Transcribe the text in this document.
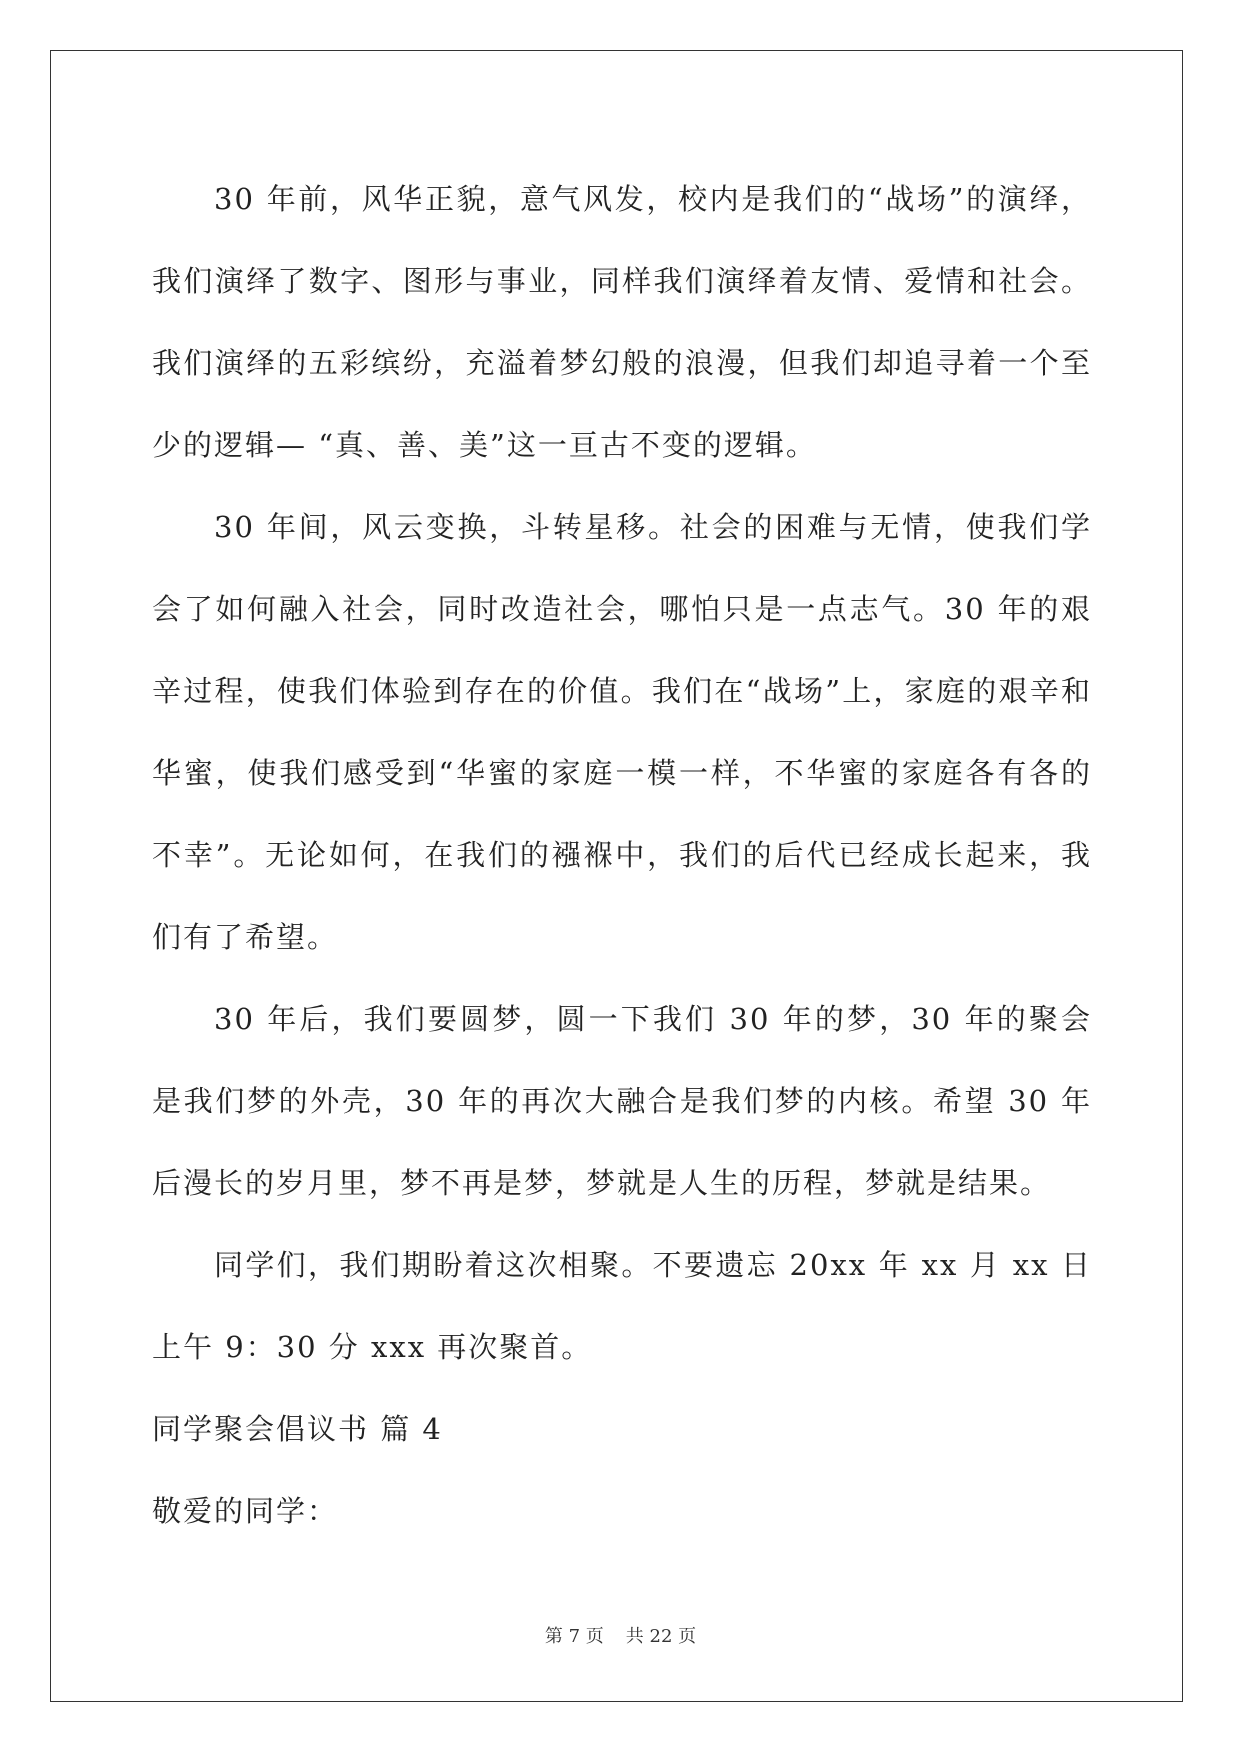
30 年前，风华正貌，意气风发，校内是我们的“战场”的演绎，我们演绎了数字、图形与事业，同样我们演绎着友情、爱情和社会。我们演绎的五彩缤纷，充溢着梦幻般的浪漫，但我们却追寻着一个至少的逻辑— “真、善、美”这一亘古不变的逻辑。

30 年间，风云变换，斗转星移。社会的困难与无情，使我们学会了如何融入社会，同时改造社会，哪怕只是一点志气。30 年的艰辛过程，使我们体验到存在的价值。我们在“战场”上，家庭的艰辛和华蜜，使我们感受到“华蜜的家庭一模一样，不华蜜的家庭各有各的不幸”。无论如何，在我们的襁褓中，我们的后代已经成长起来，我们有了希望。

30 年后，我们要圆梦，圆一下我们 30 年的梦，30 年的聚会是我们梦的外壳，30 年的再次大融合是我们梦的内核。希望 30 年后漫长的岁月里，梦不再是梦，梦就是人生的历程，梦就是结果。

同学们，我们期盼着这次相聚。不要遗忘 20xx 年 xx 月 xx 日上午 9：30 分 xxx 再次聚首。

同学聚会倡议书 篇 4

敬爱的同学：

第 7 页 共 22 页
